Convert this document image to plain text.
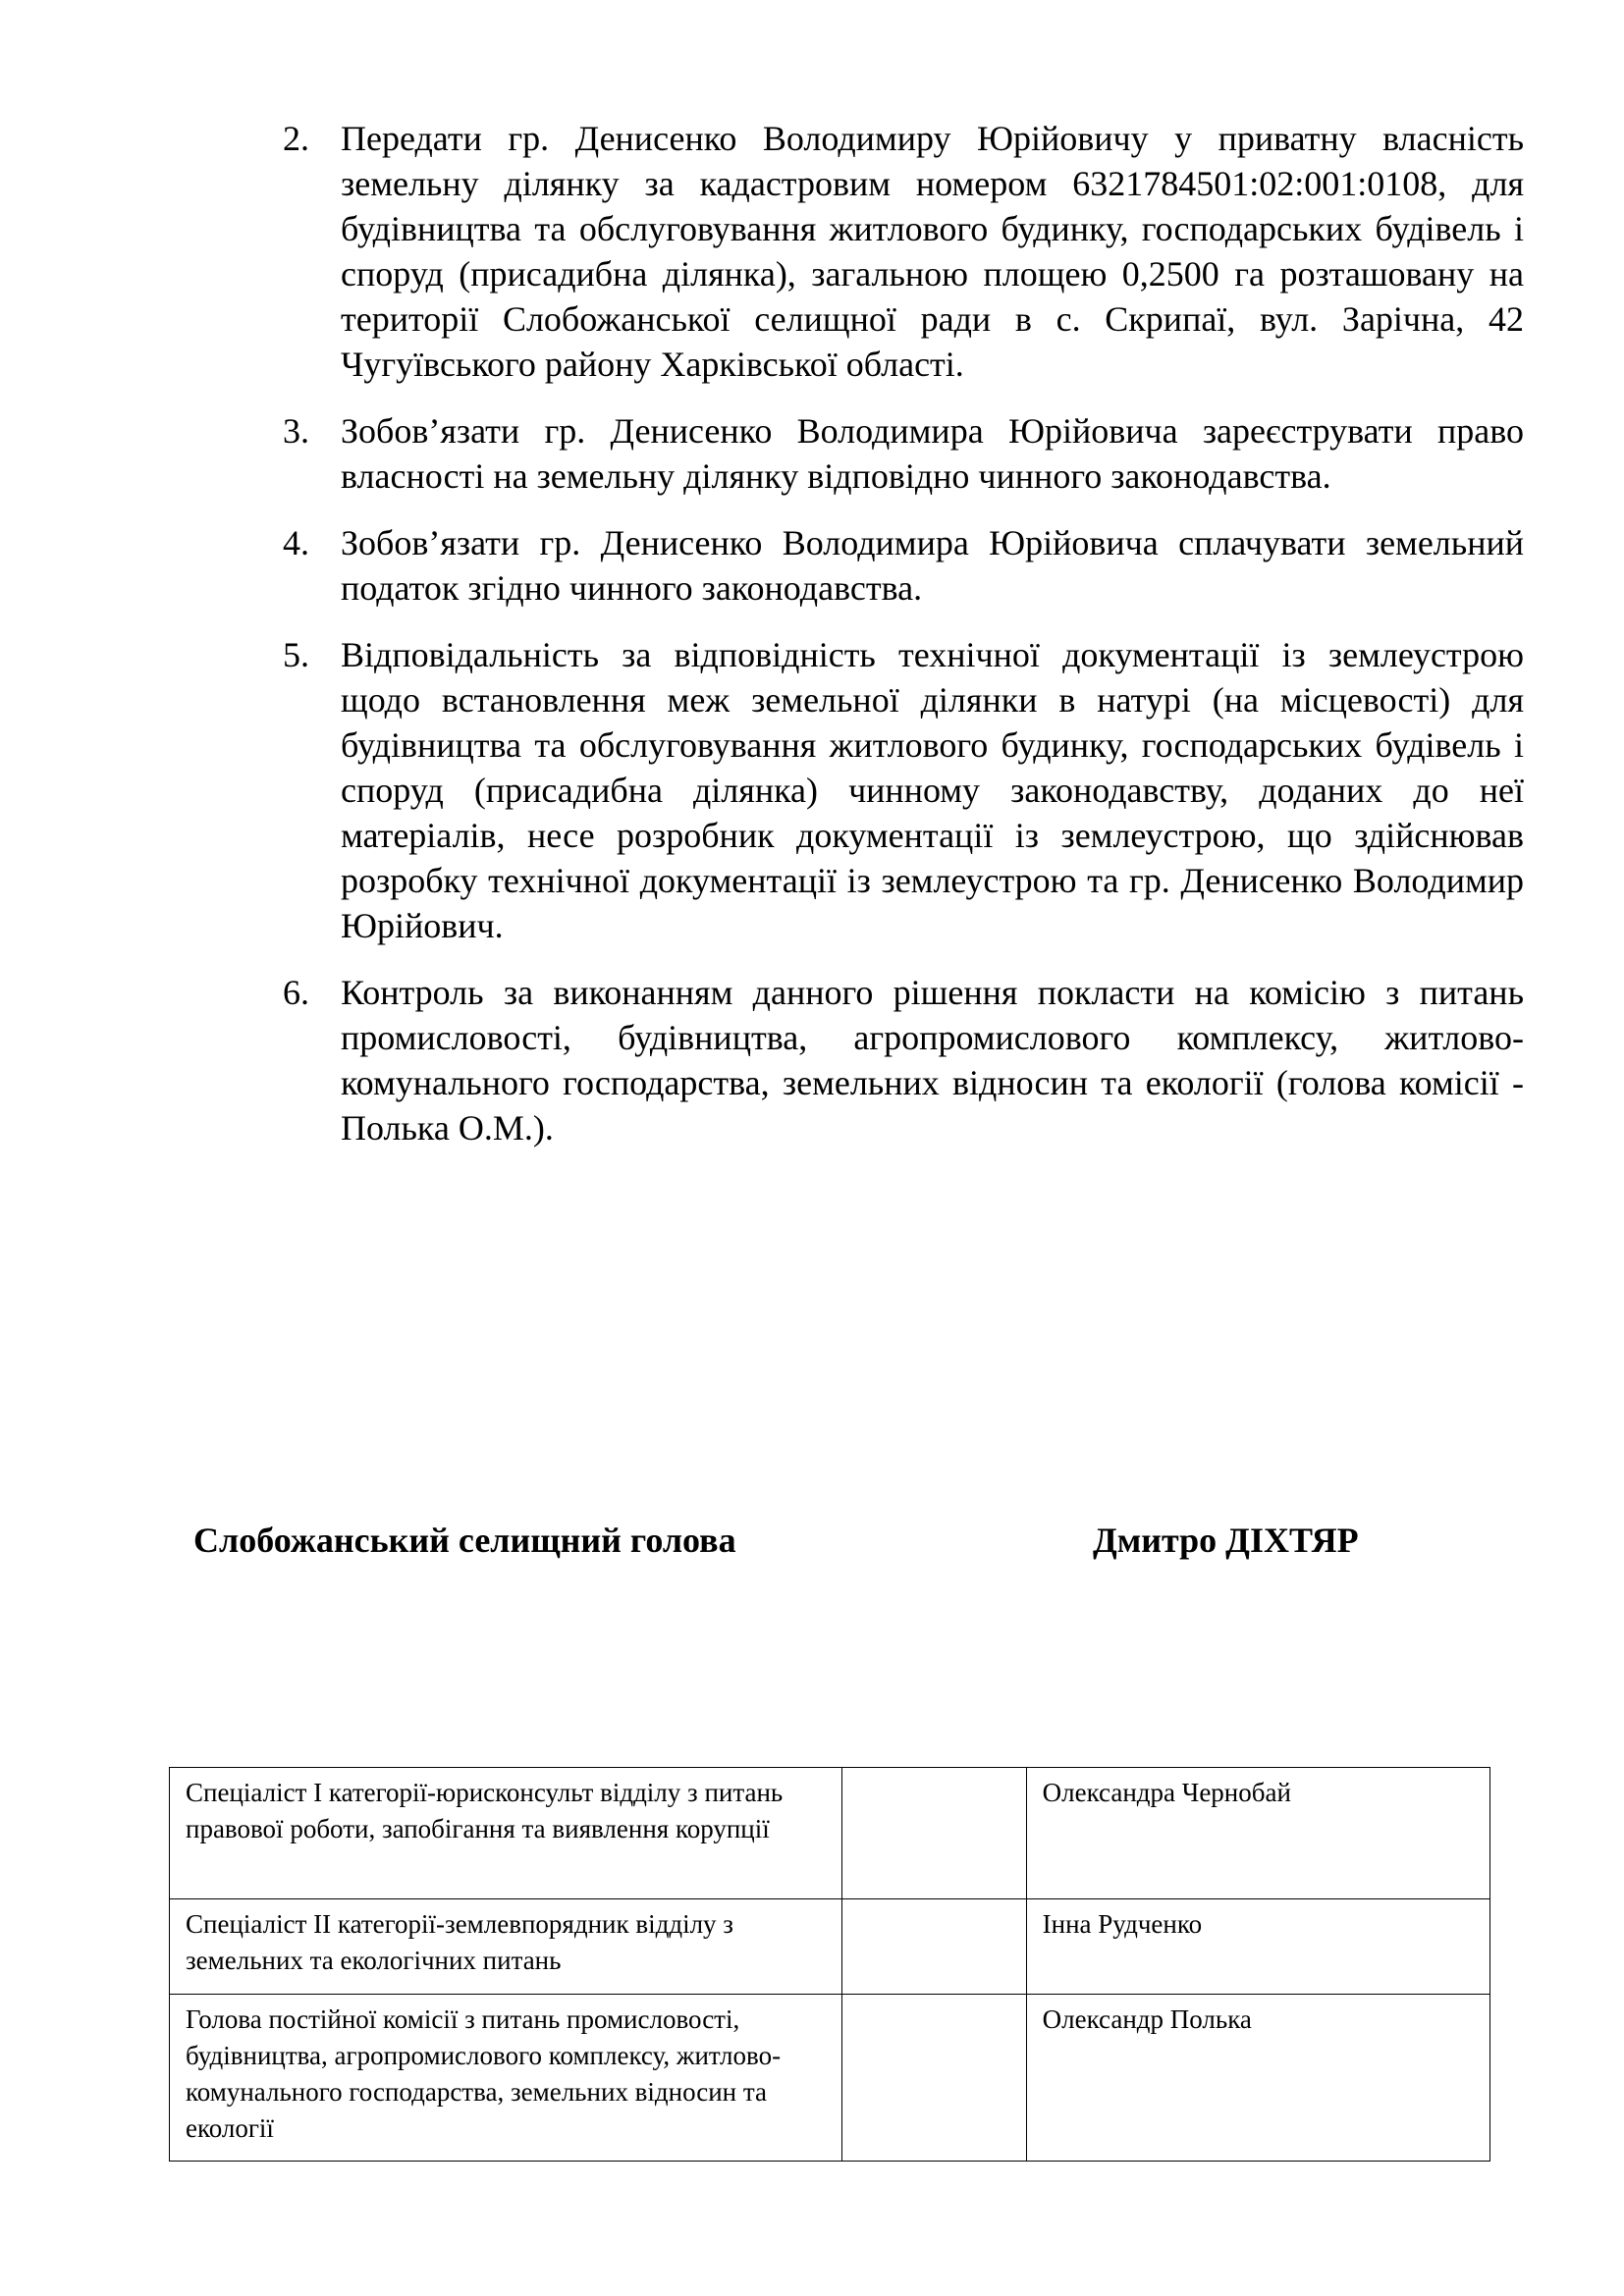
2. Передати гр. Денисенко Володимиру Юрійовичу у приватну власність земельну ділянку за кадастровим номером 6321784501:02:001:0108, для будівництва та обслуговування житлового будинку, господарських будівель і споруд (присадибна ділянка), загальною площею 0,2500 га розташовану на території Слобожанської селищної ради в с. Скрипаї, вул. Зарічна, 42 Чугуївського району Харківської області.
3. Зобов’язати гр. Денисенко Володимира Юрійовича зареєструвати право власності на земельну ділянку відповідно чинного законодавства.
4. Зобов’язати гр. Денисенко Володимира Юрійовича сплачувати земельний податок згідно чинного законодавства.
5. Відповідальність за відповідність технічної документації із землеустрою щодо встановлення меж земельної ділянки в натурі (на місцевості) для будівництва та обслуговування житлового будинку, господарських будівель і споруд (присадибна ділянка) чинному законодавству, доданих до неї матеріалів, несе розробник документації із землеустрою, що здійснював розробку технічної документації із землеустрою та гр. Денисенко Володимир Юрійович.
6. Контроль за виконанням данного рішення покласти на комісію з питань промисловості, будівництва, агропромислового комплексу, житлово-комунального господарства, земельних відносин та екології (голова комісії - Полька О.М.).
Слобожанський селищний голова	Дмитро ДІХТЯР
Спеціаліст І категорії-юрисконсульт відділу з питань правової роботи, запобігання та виявлення корупції		Олександра Чернобай
Спеціаліст ІІ категорії-землевпорядник відділу з земельних та екологічних питань		Інна Рудченко
Голова постійної комісії з питань промисловості, будівництва, агропромислового комплексу, житлово-комунального господарства, земельних відносин та екології		Олександр Полька
